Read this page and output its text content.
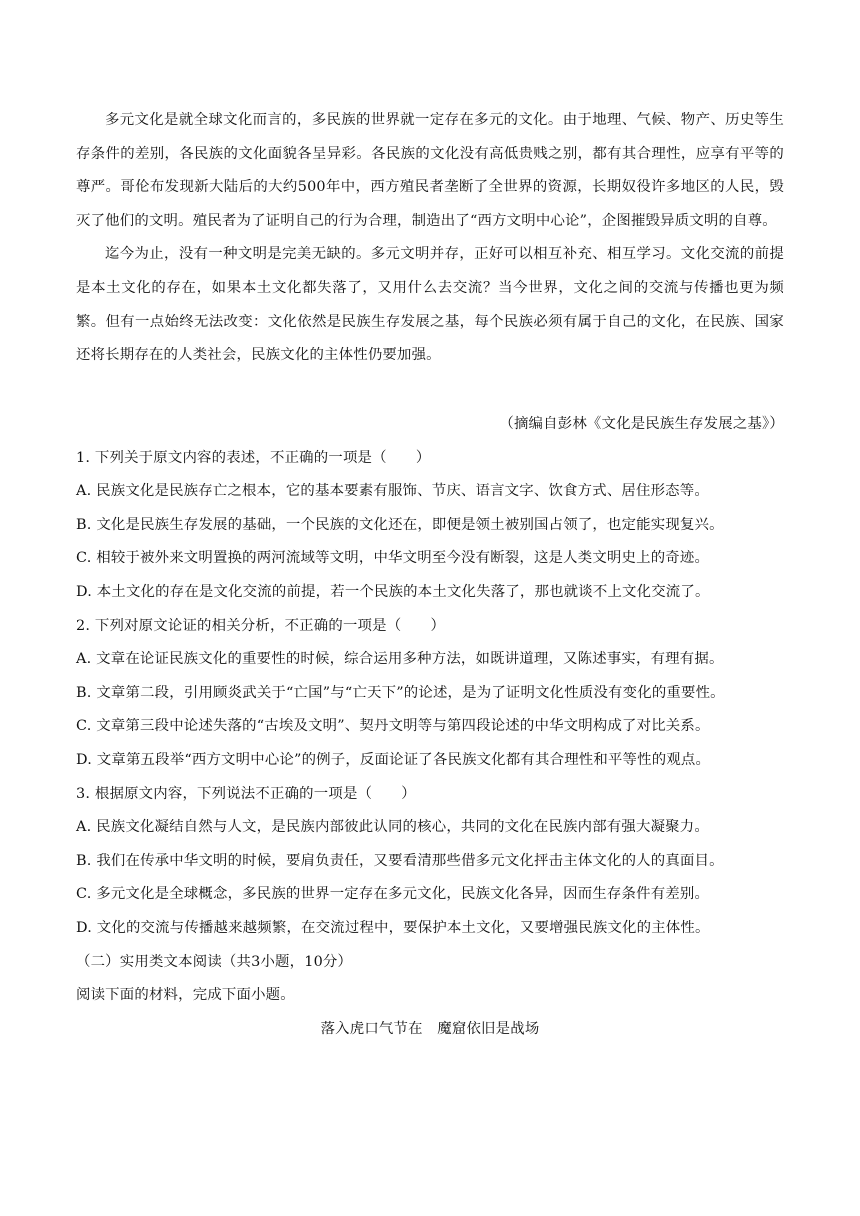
多元文化是就全球文化而言的，多民族的世界就一定存在多元的文化。由于地理、气候、物产、历史等生存条件的差别，各民族的文化面貌各呈异彩。各民族的文化没有高低贵贱之别，都有其合理性，应享有平等的尊严。哥伦布发现新大陆后的大约500年中，西方殖民者垄断了全世界的资源，长期奴役许多地区的人民，毁灭了他们的文明。殖民者为了证明自己的行为合理，制造出了“西方文明中心论”，企图摧毁异质文明的自尊。

迄今为止，没有一种文明是完美无缺的。多元文明并存，正好可以相互补充、相互学习。文化交流的前提是本土文化的存在，如果本土文化都失落了，又用什么去交流？当今世界，文化之间的交流与传播也更为频繁。但有一点始终无法改变：文化依然是民族生存发展之基，每个民族必须有属于自己的文化，在民族、国家还将长期存在的人类社会，民族文化的主体性仍要加强。

（摘编自彭林《文化是民族生存发展之基》）

1. 下列关于原文内容的表述，不正确的一项是（　　）

A. 民族文化是民族存亡之根本，它的基本要素有服饰、节庆、语言文字、饮食方式、居住形态等。

B. 文化是民族生存发展的基础，一个民族的文化还在，即便是领土被别国占领了，也定能实现复兴。

C. 相较于被外来文明置换的两河流域等文明，中华文明至今没有断裂，这是人类文明史上的奇迹。

D. 本土文化的存在是文化交流的前提，若一个民族的本土文化失落了，那也就谈不上文化交流了。

2. 下列对原文论证的相关分析，不正确的一项是（　　）

A. 文章在论证民族文化的重要性的时候，综合运用多种方法，如既讲道理，又陈述事实，有理有据。

B. 文章第二段，引用顾炎武关于“亡国”与“亡天下”的论述，是为了证明文化性质没有变化的重要性。

C. 文章第三段中论述失落的“古埃及文明”、契丹文明等与第四段论述的中华文明构成了对比关系。

D. 文章第五段举“西方文明中心论”的例子，反面论证了各民族文化都有其合理性和平等性的观点。

3. 根据原文内容，下列说法不正确的一项是（　　）

A. 民族文化凝结自然与人文，是民族内部彼此认同的核心，共同的文化在民族内部有强大凝聚力。

B. 我们在传承中华文明的时候，要肩负责任，又要看清那些借多元文化抨击主体文化的人的真面目。

C. 多元文化是全球概念，多民族的世界一定存在多元文化，民族文化各异，因而生存条件有差别。

D. 文化的交流与传播越来越频繁，在交流过程中，要保护本土文化，又要增强民族文化的主体性。

（二）实用类文本阅读（共3小题，10分）

阅读下面的材料，完成下面小题。

落入虎口气节在　魔窟依旧是战场
